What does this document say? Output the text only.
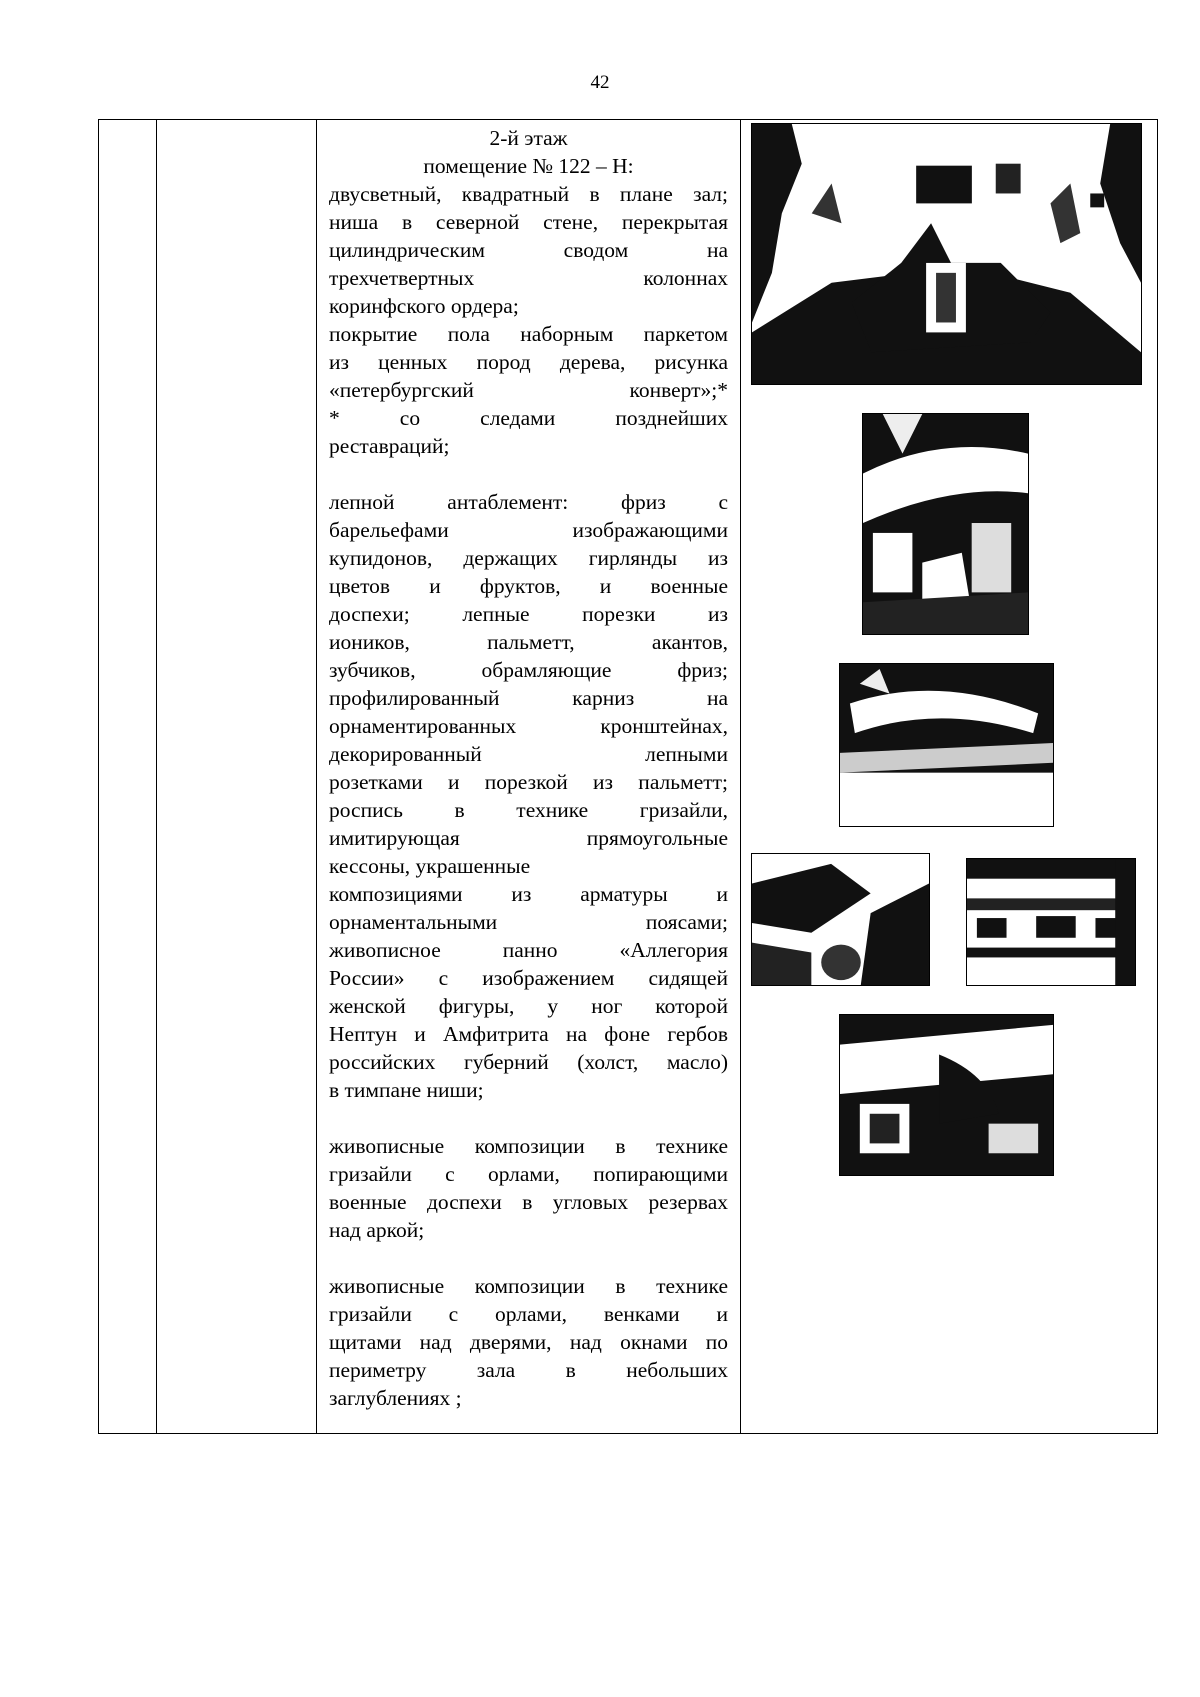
42

2-й этаж
помещение № 122 – Н:
двусветный, квадратный в плане зал;
ниша в северной стене, перекрытая
цилиндрическим сводом на
трехчетвертных колоннах
коринфского ордера;
покрытие пола наборным паркетом
из ценных пород дерева, рисунка
«петербургский конверт»;*
* со следами позднейших
реставраций;
лепной антаблемент: фриз с
барельефами изображающими
купидонов, держащих гирлянды из
цветов и фруктов, и военные
доспехи; лепные порезки из
иоников, пальметт, акантов,
зубчиков, обрамляющие фриз;
профилированный карниз на
орнаментированных кронштейнах,
декорированный лепными
розетками и порезкой из пальметт;
роспись в технике гризайли,
имитирующая прямоугольные
кессоны, украшенные
композициями из арматуры и
орнаментальными поясами;
живописное панно «Аллегория
России» с изображением сидящей
женской фигуры, у ног которой
Нептун и Амфитрита на фоне гербов
российских губерний (холст, масло)
в тимпане ниши;
живописные композиции в технике
гризайли с орлами, попирающими
военные доспехи в угловых резервах
над аркой;
живописные композиции в технике
гризайли с орлами, венками и
щитами над дверями, над окнами по
периметру зала в небольших
заглублениях ;
